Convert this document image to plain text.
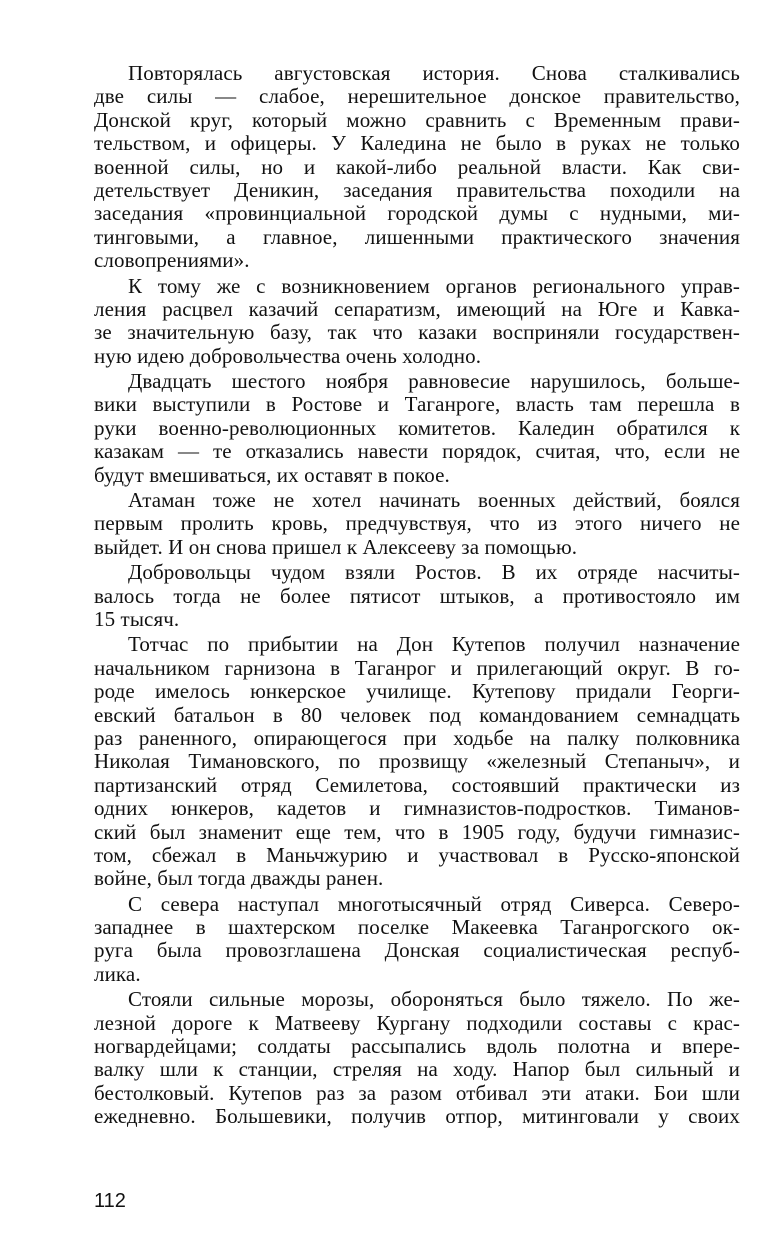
Повторялась августовская история. Снова сталкивались
две силы — слабое, нерешительное донское правительство,
Донской круг, который можно сравнить с Временным прави-
тельством, и офицеры. У Каледина не было в руках не только
военной силы, но и какой-либо реальной власти. Как сви-
детельствует Деникин, заседания правительства походили на
заседания «провинциальной городской думы с нудными, ми-
тинговыми, а главное, лишенными практического значения
словопрениями».
К тому же с возникновением органов регионального управ-
ления расцвел казачий сепаратизм, имеющий на Юге и Кавка-
зе значительную базу, так что казаки восприняли государствен-
ную идею добровольчества очень холодно.
Двадцать шестого ноября равновесие нарушилось, больше-
вики выступили в Ростове и Таганроге, власть там перешла в
руки военно-революционных комитетов. Каледин обратился к
казакам — те отказались навести порядок, считая, что, если не
будут вмешиваться, их оставят в покое.
Атаман тоже не хотел начинать военных действий, боялся
первым пролить кровь, предчувствуя, что из этого ничего не
выйдет. И он снова пришел к Алексееву за помощью.
Добровольцы чудом взяли Ростов. В их отряде насчиты-
валось тогда не более пятисот штыков, а противостояло им
15 тысяч.
Тотчас по прибытии на Дон Кутепов получил назначение
начальником гарнизона в Таганрог и прилегающий округ. В го-
роде имелось юнкерское училище. Кутепову придали Георги-
евский батальон в 80 человек под командованием семнадцать
раз раненного, опирающегося при ходьбе на палку полковника
Николая Тимановского, по прозвищу «железный Степаныч», и
партизанский отряд Семилетова, состоявший практически из
одних юнкеров, кадетов и гимназистов-подростков. Тиманов-
ский был знаменит еще тем, что в 1905 году, будучи гимназис-
том, сбежал в Маньчжурию и участвовал в Русско-японской
войне, был тогда дважды ранен.
С севера наступал многотысячный отряд Сиверса. Северо-
западнее в шахтерском поселке Макеевка Таганрогского ок-
руга была провозглашена Донская социалистическая респуб-
лика.
Стояли сильные морозы, обороняться было тяжело. По же-
лезной дороге к Матвееву Кургану подходили составы с крас-
ногвардейцами; солдаты рассыпались вдоль полотна и впере-
валку шли к станции, стреляя на ходу. Напор был сильный и
бестолковый. Кутепов раз за разом отбивал эти атаки. Бои шли
ежедневно. Большевики, получив отпор, митинговали у своих
112
